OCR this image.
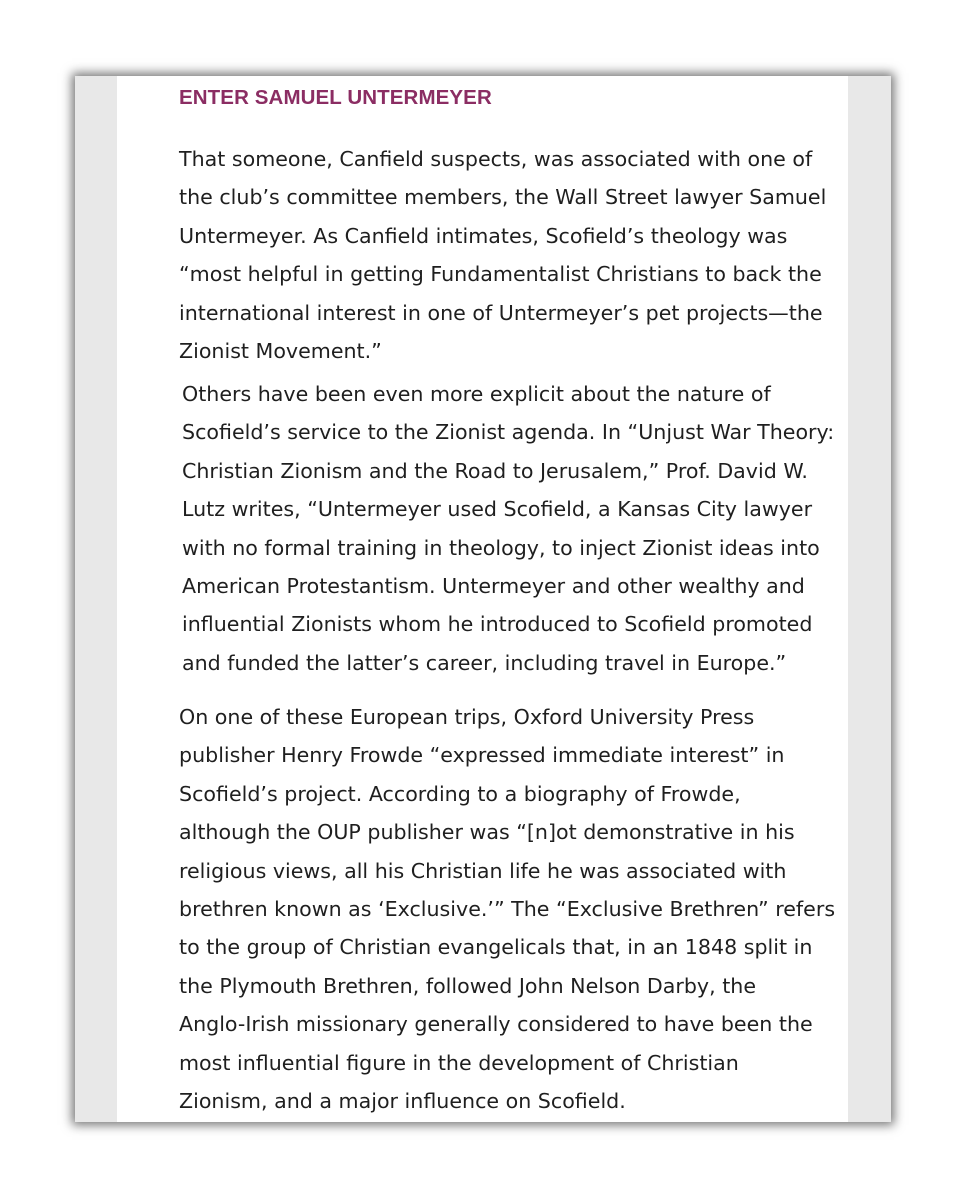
ENTER SAMUEL UNTERMEYER

That someone, Canfield suspects, was associated with one of
the club’s committee members, the Wall Street lawyer Samuel
Untermeyer. As Canfield intimates, Scofield’s theology was
“most helpful in getting Fundamentalist Christians to back the
international interest in one of Untermeyer’s pet projects—the
Zionist Movement.”

Others have been even more explicit about the nature of
Scofield’s service to the Zionist agenda. In “Unjust War Theory:
Christian Zionism and the Road to Jerusalem,” Prof. David W.
Lutz writes, “Untermeyer used Scofield, a Kansas City lawyer
with no formal training in theology, to inject Zionist ideas into
American Protestantism. Untermeyer and other wealthy and
influential Zionists whom he introduced to Scofield promoted
and funded the latter’s career, including travel in Europe.”

On one of these European trips, Oxford University Press
publisher Henry Frowde “expressed immediate interest” in
Scofield’s project. According to a biography of Frowde,
although the OUP publisher was “[n]ot demonstrative in his
religious views, all his Christian life he was associated with
brethren known as ‘Exclusive.’” The “Exclusive Brethren” refers
to the group of Christian evangelicals that, in an 1848 split in
the Plymouth Brethren, followed John Nelson Darby, the
Anglo-Irish missionary generally considered to have been the
most influential figure in the development of Christian
Zionism, and a major influence on Scofield.
